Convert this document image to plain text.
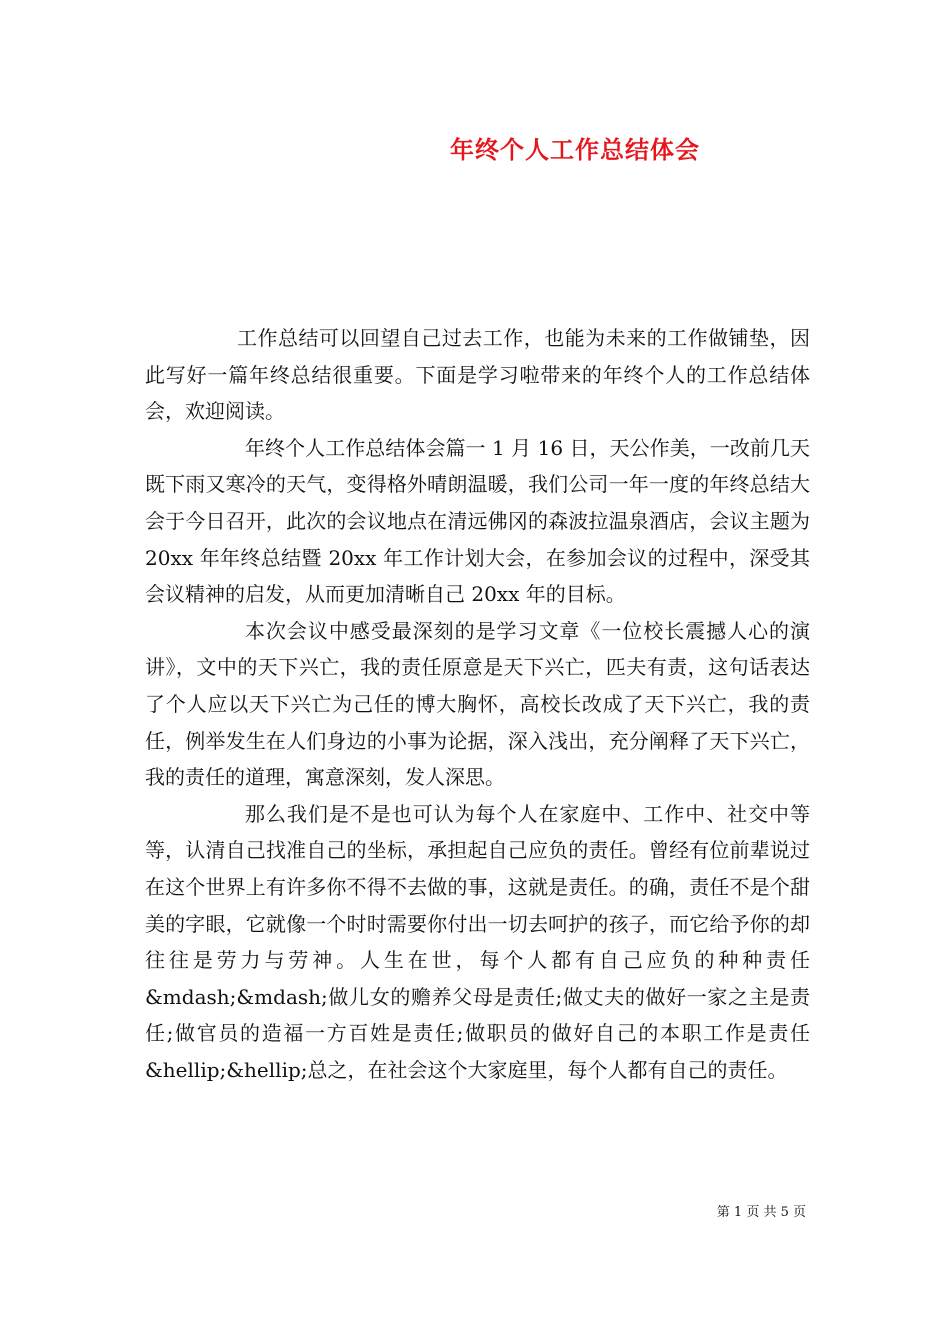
年终个人工作总结体会

工作总结可以回望自己过去工作，也能为未来的工作做铺垫，因此写好一篇年终总结很重要。下面是学习啦带来的年终个人的工作总结体会，欢迎阅读。

年终个人工作总结体会篇一 1 月 16 日，天公作美，一改前几天既下雨又寒冷的天气，变得格外晴朗温暖，我们公司一年一度的年终总结大会于今日召开，此次的会议地点在清远佛冈的森波拉温泉酒店，会议主题为 20xx 年年终总结暨 20xx 年工作计划大会，在参加会议的过程中，深受其会议精神的启发，从而更加清晰自己 20xx 年的目标。

本次会议中感受最深刻的是学习文章《一位校长震撼人心的演讲》，文中的天下兴亡，我的责任原意是天下兴亡，匹夫有责，这句话表达了个人应以天下兴亡为己任的博大胸怀，高校长改成了天下兴亡，我的责任，例举发生在人们身边的小事为论据，深入浅出，充分阐释了天下兴亡，我的责任的道理，寓意深刻，发人深思。

那么我们是不是也可认为每个人在家庭中、工作中、社交中等等，认清自己找准自己的坐标，承担起自己应负的责任。曾经有位前辈说过在这个世界上有许多你不得不去做的事，这就是责任。的确，责任不是个甜美的字眼，它就像一个时时需要你付出一切去呵护的孩子，而它给予你的却往往是劳力与劳神。人生在世，每个人都有自己应负的种种责任&mdash;&mdash;做儿女的赡养父母是责任;做丈夫的做好一家之主是责任;做官员的造福一方百姓是责任;做职员的做好自己的本职工作是责任&hellip;&hellip;总之，在社会这个大家庭里，每个人都有自己的责任。

第 1 页 共 5 页
